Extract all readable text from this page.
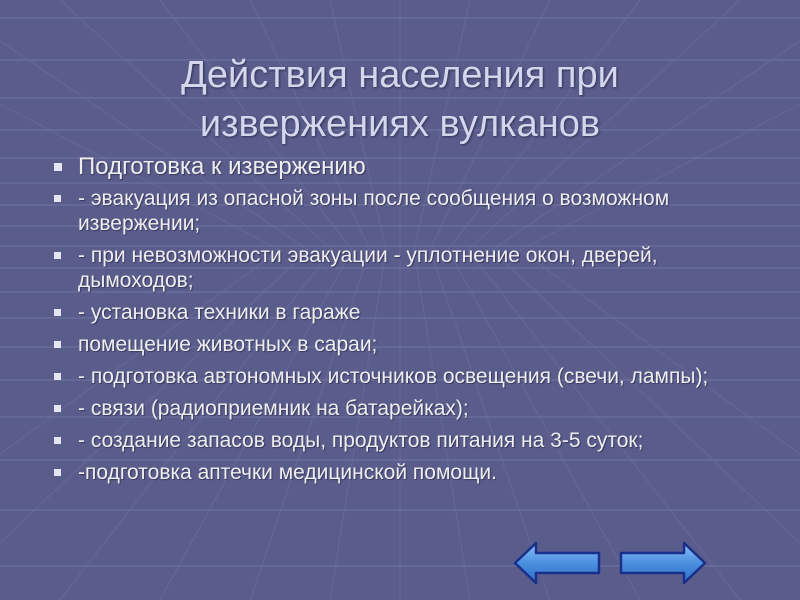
Действия населения при
извержениях вулканов
Подготовка к извержению
- эвакуация из опасной зоны после сообщения о возможном извержении;
- при невозможности эвакуации - уплотнение окон, дверей, дымоходов;
- установка техники в гараже
помещение животных в сараи;
- подготовка автономных источников освещения (свечи, лампы);
- связи (радиоприемник на батарейках);
- создание запасов воды, продуктов питания на 3-5 суток;
-подготовка аптечки медицинской помощи.
